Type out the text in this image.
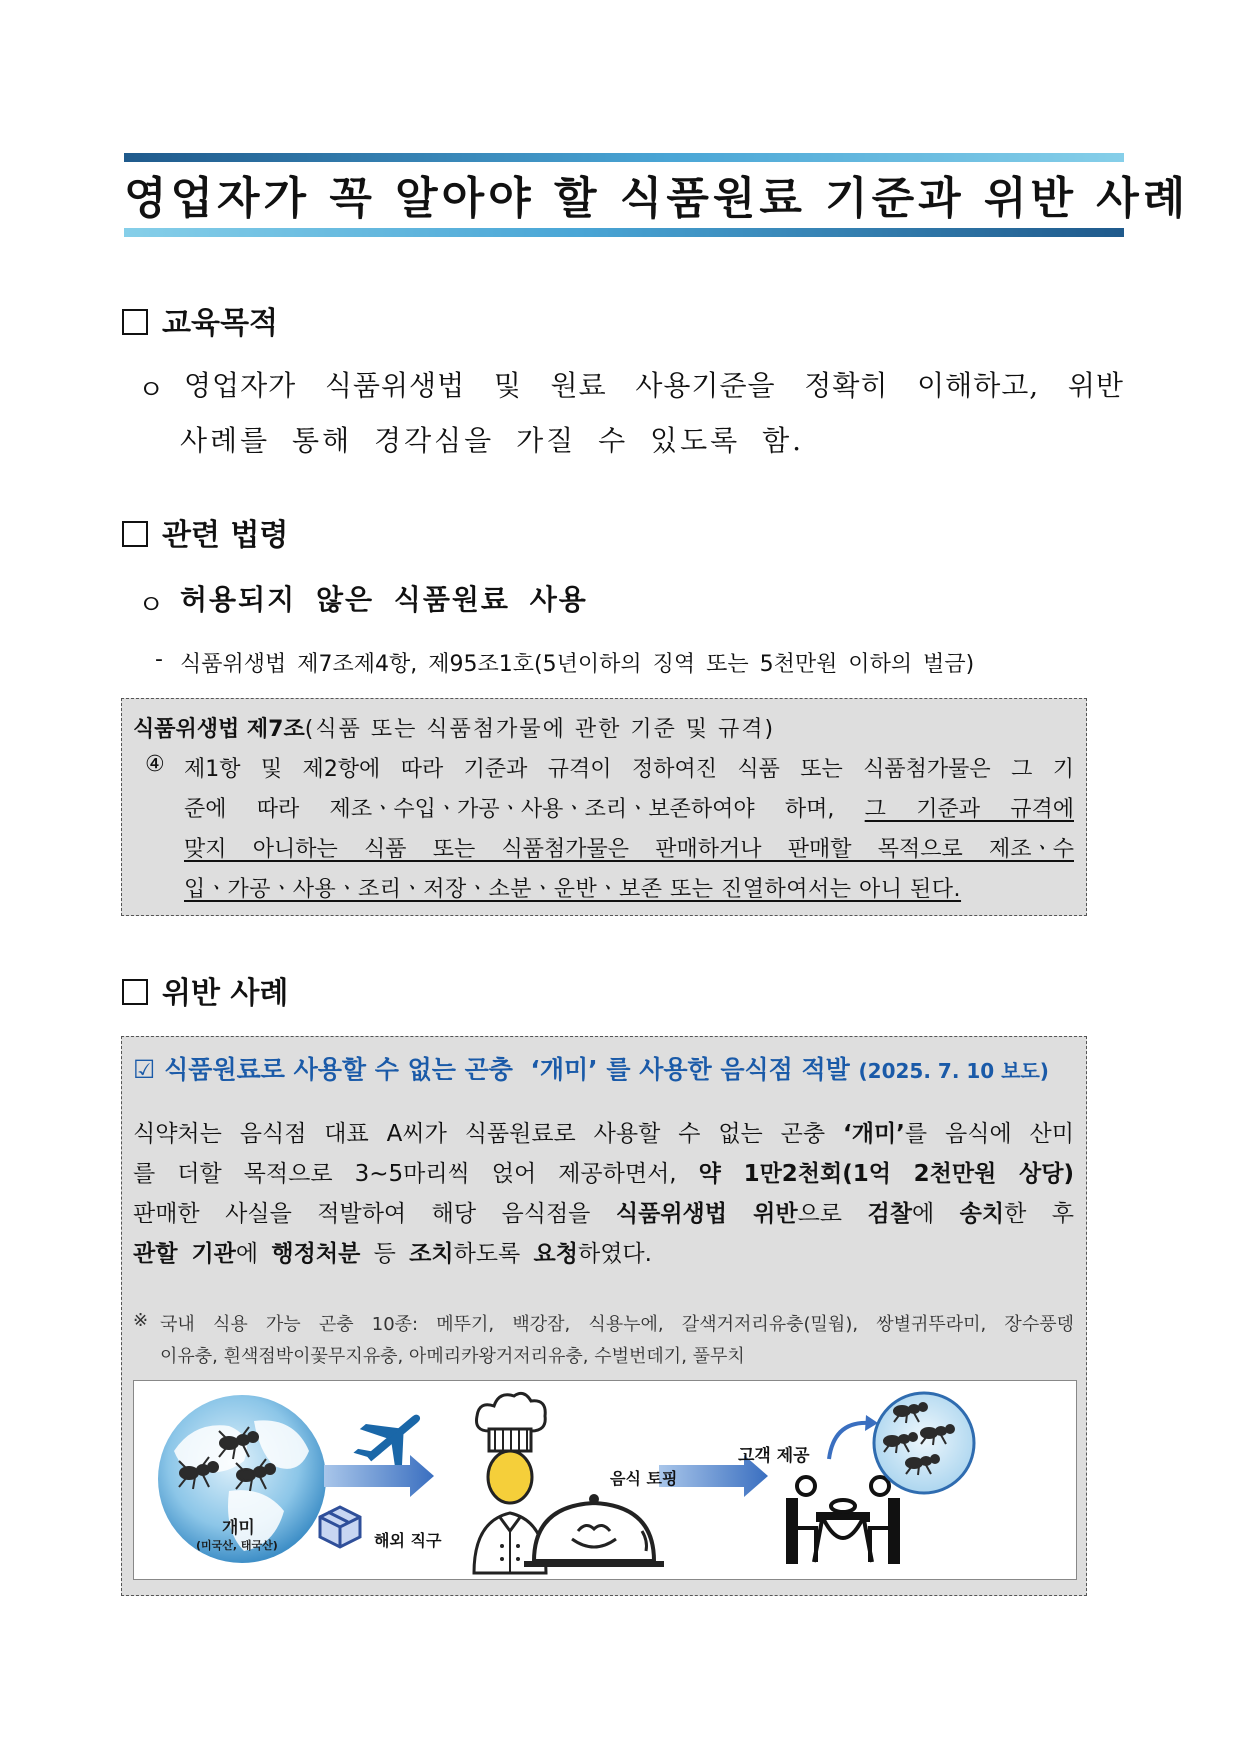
영업자가 꼭 알아야 할 식품원료 기준과 위반 사례
교육목적
ㅇ 영업자가 식품위생법 및 원료 사용기준을 정확히 이해하고, 위반
사례를 통해 경각심을 가질 수 있도록 함.
관련 법령
ㅇ 허용되지 않은 식품원료 사용
- 식품위생법 제7조제4항, 제95조1호(5년이하의 징역 또는 5천만원 이하의 벌금)
식품위생법 제7조(식품 또는 식품첨가물에 관한 기준 및 규격)
④ 제1항 및 제2항에 따라 기준과 규격이 정하여진 식품 또는 식품첨가물은 그 기
준에 따라 제조ㆍ수입ㆍ가공ㆍ사용ㆍ조리ㆍ보존하여야 하며, 그 기준과 규격에
맞지 아니하는 식품 또는 식품첨가물은 판매하거나 판매할 목적으로 제조ㆍ수
입ㆍ가공ㆍ사용ㆍ조리ㆍ저장ㆍ소분ㆍ운반ㆍ보존 또는 진열하여서는 아니 된다.
위반 사례
☑ 식품원료로 사용할 수 없는 곤충 ‘개미’ 를 사용한 음식점 적발 (2025. 7. 10 보도)
식약처는 음식점 대표 A씨가 식품원료로 사용할 수 없는 곤충 ‘개미’를 음식에 산미
를 더할 목적으로 3~5마리씩 얹어 제공하면서, 약 1만2천회(1억 2천만원 상당)
판매한 사실을 적발하여 해당 음식점을 식품위생법 위반으로 검찰에 송치한 후
관할 기관에 행정처분 등 조치하도록 요청하였다.
※ 국내 식용 가능 곤충 10종: 메뚜기, 백강잠, 식용누에, 갈색거저리유충(밀웜), 쌍별귀뚜라미, 장수풍뎅
이유충, 흰색점박이꽃무지유충, 아메리카왕거저리유충, 수벌번데기, 풀무치
개미
(미국산, 태국산)	해외 직구
음식 토핑
고객 제공
